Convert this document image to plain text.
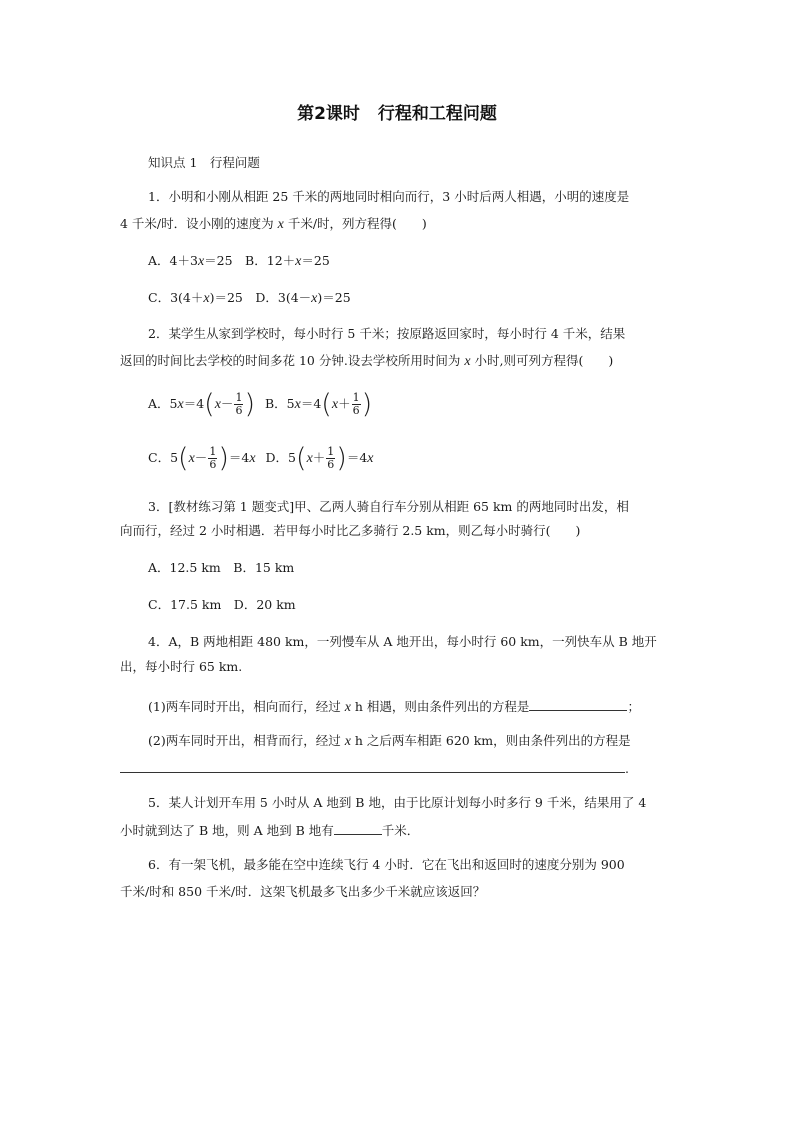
第2课时 行程和工程问题
知识点 1　行程问题
1．小明和小刚从相距 25 千米的两地同时相向而行，3 小时后两人相遇，小明的速度是
4 千米/时．设小刚的速度为 x 千米/时，列方程得(　　)
A．4＋3x＝25　B．12＋x＝25
C．3(4＋x)＝25　D．3(4－x)＝25
2．某学生从家到学校时，每小时行 5 千米；按原路返回家时，每小时行 4 千米，结果
返回的时间比去学校的时间多花 10 分钟.设去学校所用时间为 x 小时,则可列方程得(　　)
A．5 x ＝4 ( $x - \frac{1}{6}$ ) B．5 x ＝4 ( $x + \frac{1}{6}$ )
C．5 ( $x - \frac{1}{6}$ ) ＝4 x D．5 ( $x + \frac{1}{6}$ ) ＝4 x
3．[教材练习第 1 题变式]甲、乙两人骑自行车分别从相距 65 km 的两地同时出发，相
向而行，经过 2 小时相遇．若甲每小时比乙多骑行 2.5 km，则乙每小时骑行(　　)
A．12.5 km　B．15 km
C．17.5 km　D．20 km
4．A，B 两地相距 480 km，一列慢车从 A 地开出，每小时行 60 km，一列快车从 B 地开
出，每小时行 65 km.
(1)两车同时开出，相向而行，经过 x h 相遇，则由条件列出的方程是	；
(2)两车同时开出，相背而行，经过 x h 之后两车相距 620 km，则由条件列出的方程是
.
5．某人计划开车用 5 小时从 A 地到 B 地，由于比原计划每小时多行 9 千米，结果用了 4
小时就到达了 B 地，则 A 地到 B 地有	千米．
6．有一架飞机，最多能在空中连续飞行 4 小时．它在飞出和返回时的速度分别为 900
千米/时和 850 千米/时．这架飞机最多飞出多少千米就应该返回？
